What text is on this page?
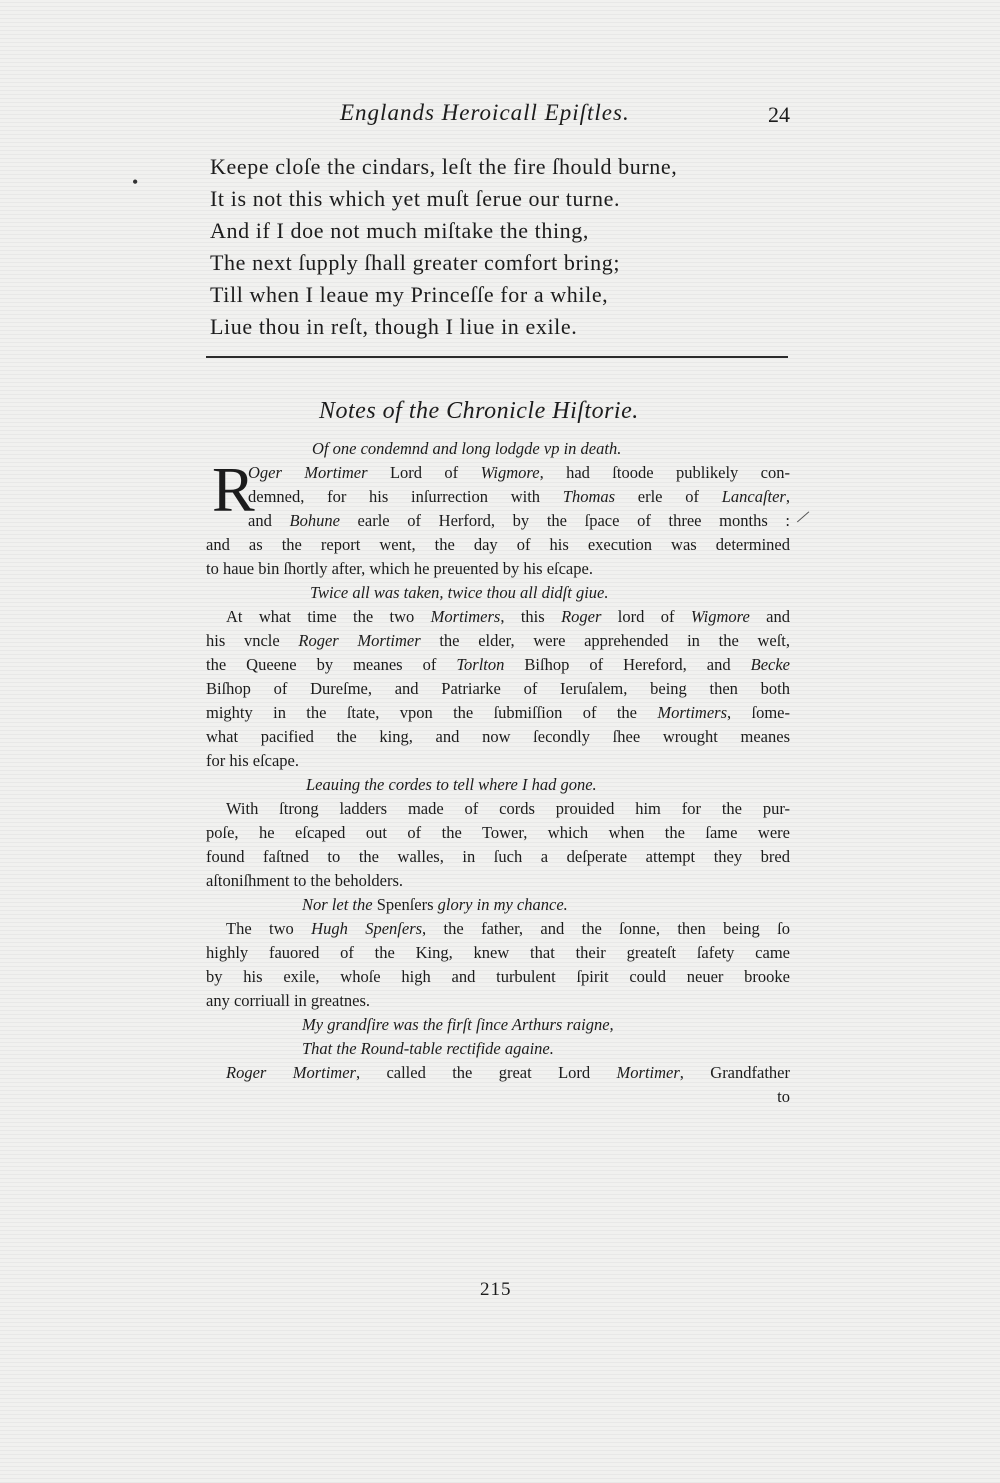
Englands Heroicall Epiſtles.	24
•
Keepe cloſe the cindars, leſt the fire ſhould burne,
It is not this which yet muſt ſerue our turne.
And if I doe not much miſtake the thing,
The next ſupply ſhall greater comfort bring;
Till when I leaue my Princeſſe for a while,
Liue thou in reſt, though I liue in exile.
Notes of the Chronicle Hiſtorie.
R	/
Of one condemnd and long lodgde vp in death.
Oger Mortimer Lord of Wigmore, had ſtoode publikely con-
demned, for his inſurrection with Thomas erle of Lancaſter,
and Bohune earle of Herford, by the ſpace of three months :
and as the report went, the day of his execution was determined
to haue bin ſhortly after, which he preuented by his eſcape.
Twice all was taken, twice thou all didſt giue.
At what time the two Mortimers, this Roger lord of Wigmore and
his vncle Roger Mortimer the elder, were apprehended in the weſt,
the Queene by meanes of Torlton Biſhop of Hereford, and Becke
Biſhop of Dureſme, and Patriarke of Ieruſalem, being then both
mighty in the ſtate, vpon the ſubmiſſion of the Mortimers, ſome-
what pacified the king, and now ſecondly ſhee wrought meanes
for his eſcape.
Leauing the cordes to tell where I had gone.
With ſtrong ladders made of cords prouided him for the pur-
poſe, he eſcaped out of the Tower, which when the ſame were
found faſtned to the walles, in ſuch a deſperate attempt they bred
aſtoniſhment to the beholders.
Nor let the Spenſers glory in my chance.
The two Hugh Spenſers, the father, and the ſonne, then being ſo
highly fauored of the King, knew that their greateſt ſafety came
by his exile, whoſe high and turbulent ſpirit could neuer brooke
any corriuall in greatnes.
My grandſire was the firſt ſince Arthurs raigne,
That the Round-table rectifide againe.
Roger Mortimer, called the great Lord Mortimer, Grandfather
to
215
